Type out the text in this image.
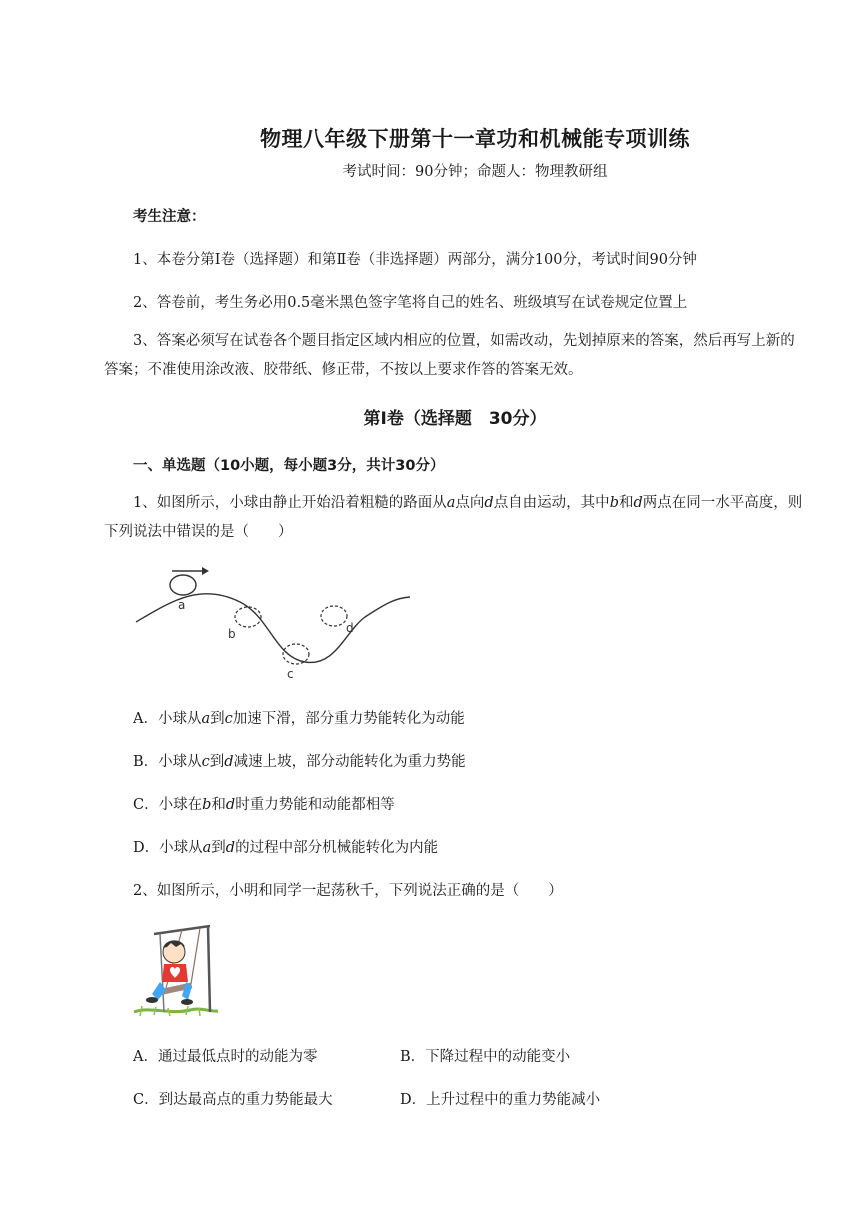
物理八年级下册第十一章功和机械能专项训练
考试时间：90分钟；命题人：物理教研组
考生注意：
1、本卷分第Ⅰ卷（选择题）和第Ⅱ卷（非选择题）两部分，满分100分，考试时间90分钟
2、答卷前，考生务必用0.5毫米黑色签字笔将自己的姓名、班级填写在试卷规定位置上
3、答案必须写在试卷各个题目指定区域内相应的位置，如需改动，先划掉原来的答案，然后再写上新的答案；不准使用涂改液、胶带纸、修正带，不按以上要求作答的答案无效。
第Ⅰ卷（选择题　30分）
一、单选题（10小题，每小题3分，共计30分）
1、如图所示，小球由静止开始沿着粗糙的路面从a点向d点自由运动，其中b和d两点在同一水平高度，则下列说法中错误的是（　　）
a
b
c
d
A．小球从a到c加速下滑，部分重力势能转化为动能
B．小球从c到d减速上坡，部分动能转化为重力势能
C．小球在b和d时重力势能和动能都相等
D．小球从a到d的过程中部分机械能转化为内能
2、如图所示，小明和同学一起荡秋千，下列说法正确的是（　　）
A．通过最低点时的动能为零	B．下降过程中的动能变小
C．到达最高点的重力势能最大	D．上升过程中的重力势能减小
